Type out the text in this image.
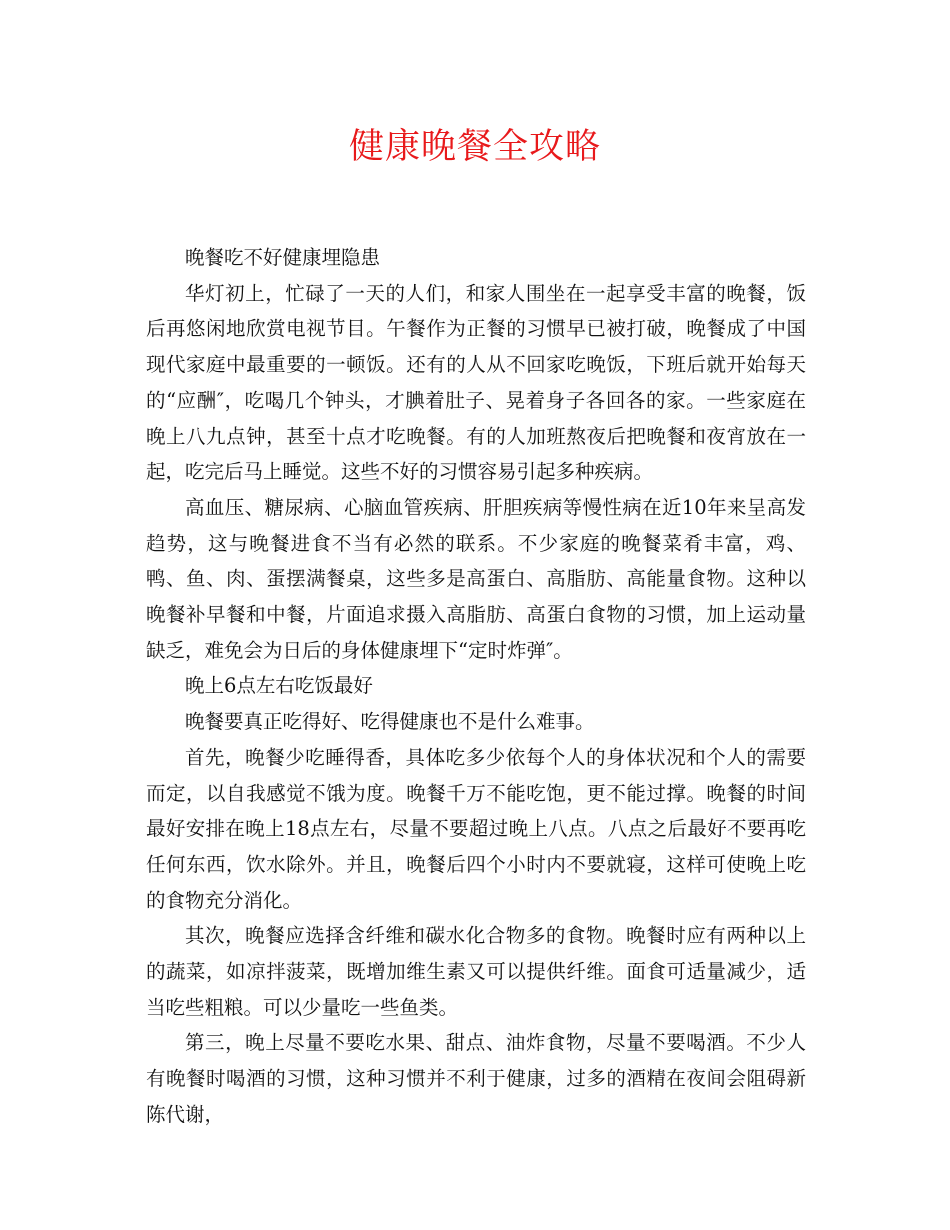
健康晚餐全攻略

晚餐吃不好健康埋隐患

华灯初上，忙碌了一天的人们，和家人围坐在一起享受丰富的晚餐，饭后再悠闲地欣赏电视节目。午餐作为正餐的习惯早已被打破，晚餐成了中国现代家庭中最重要的一顿饭。还有的人从不回家吃晚饭，下班后就开始每天的“应酬″，吃喝几个钟头，才腆着肚子、晃着身子各回各的家。一些家庭在晚上八九点钟，甚至十点才吃晚餐。有的人加班熬夜后把晚餐和夜宵放在一起，吃完后马上睡觉。这些不好的习惯容易引起多种疾病。

高血压、糖尿病、心脑血管疾病、肝胆疾病等慢性病在近10年来呈高发趋势，这与晚餐进食不当有必然的联系。不少家庭的晚餐菜肴丰富，鸡、鸭、鱼、肉、蛋摆满餐桌，这些多是高蛋白、高脂肪、高能量食物。这种以晚餐补早餐和中餐，片面追求摄入高脂肪、高蛋白食物的习惯，加上运动量缺乏，难免会为日后的身体健康埋下“定时炸弹″。

晚上6点左右吃饭最好

晚餐要真正吃得好、吃得健康也不是什么难事。

首先，晚餐少吃睡得香，具体吃多少依每个人的身体状况和个人的需要而定，以自我感觉不饿为度。晚餐千万不能吃饱，更不能过撑。晚餐的时间最好安排在晚上18点左右，尽量不要超过晚上八点。八点之后最好不要再吃任何东西，饮水除外。并且，晚餐后四个小时内不要就寝，这样可使晚上吃的食物充分消化。

其次，晚餐应选择含纤维和碳水化合物多的食物。晚餐时应有两种以上的蔬菜，如凉拌菠菜，既增加维生素又可以提供纤维。面食可适量减少，适当吃些粗粮。可以少量吃一些鱼类。

第三，晚上尽量不要吃水果、甜点、油炸食物，尽量不要喝酒。不少人有晚餐时喝酒的习惯，这种习惯并不利于健康，过多的酒精在夜间会阻碍新陈代谢，
